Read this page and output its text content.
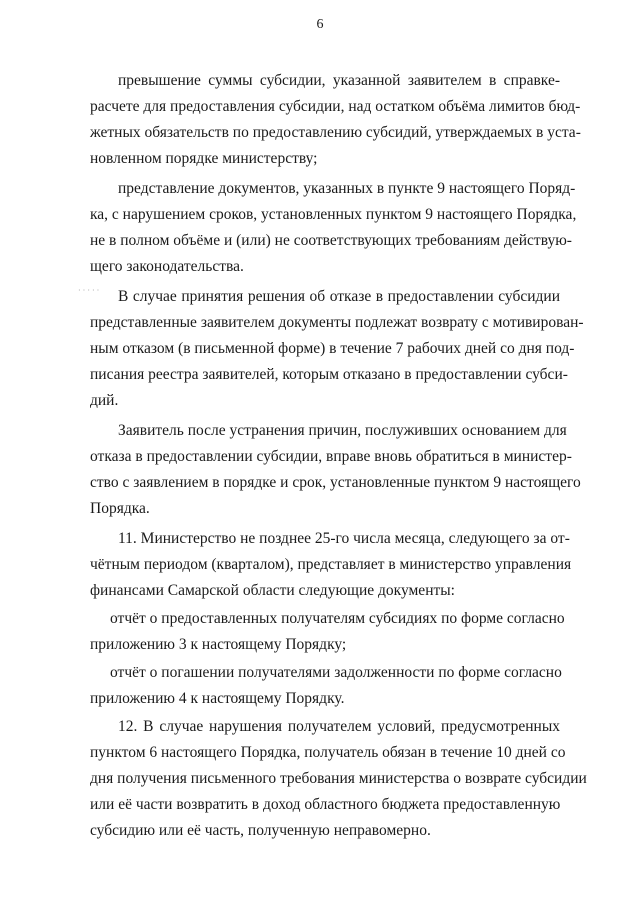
6
·····
превышение суммы субсидии, указанной заявителем в справке-
расчете для предоставления субсидии, над остатком объёма лимитов бюд-
жетных обязательств по предоставлению субсидий, утверждаемых в уста-
новленном порядке министерству;
представление документов, указанных в пункте 9 настоящего Поряд-
ка, с нарушением сроков, установленных пунктом 9 настоящего Порядка,
не в полном объёме и (или) не соответствующих требованиям действую-
щего законодательства.
В случае принятия решения об отказе в предоставлении субсидии
представленные заявителем документы подлежат возврату с мотивирован-
ным отказом (в письменной форме) в течение 7 рабочих дней со дня под-
писания реестра заявителей, которым отказано в предоставлении субси-
дий.
Заявитель после устранения причин, послуживших основанием для
отказа в предоставлении субсидии, вправе вновь обратиться в министер-
ство с заявлением в порядке и срок, установленные пунктом 9 настоящего
Порядка.
11. Министерство не позднее 25-го числа месяца, следующего за от-
чётным периодом (кварталом), представляет в министерство управления
финансами Самарской области следующие документы:
отчёт о предоставленных получателям субсидиях по форме согласно
приложению 3 к настоящему Порядку;
отчёт о погашении получателями задолженности по форме согласно
приложению 4 к настоящему Порядку.
12. В случае нарушения получателем условий, предусмотренных
пунктом 6 настоящего Порядка, получатель обязан в течение 10 дней со
дня получения письменного требования министерства о возврате субсидии
или её части возвратить в доход областного бюджета предоставленную
субсидию или её часть, полученную неправомерно.
